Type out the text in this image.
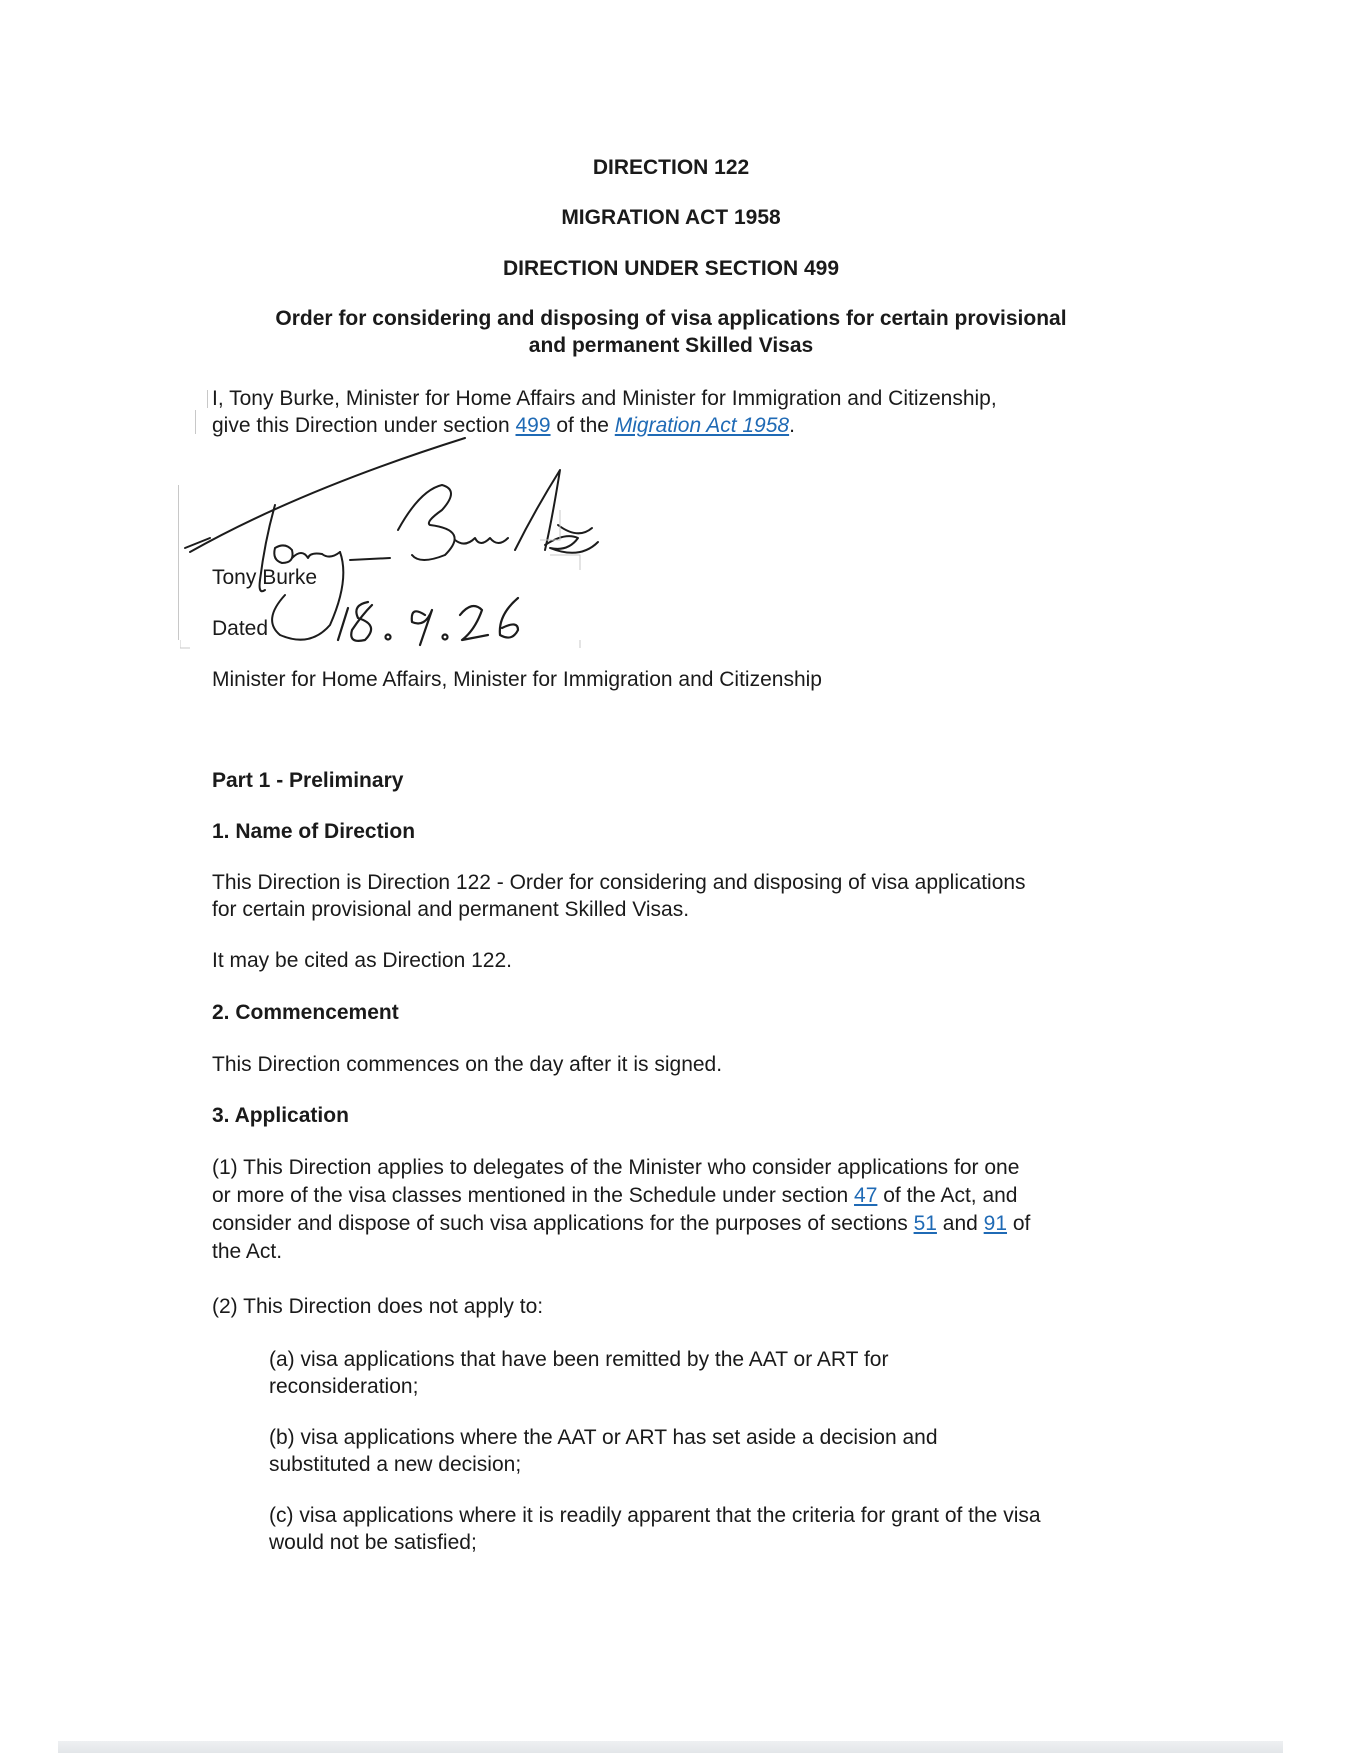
DIRECTION 122

MIGRATION ACT 1958

DIRECTION UNDER SECTION 499

Order for considering and disposing of visa applications for certain provisional

and permanent Skilled Visas

I, Tony Burke, Minister for Home Affairs and Minister for Immigration and Citizenship,

give this Direction under section 499 of the Migration Act 1958.

Tony Burke

Dated

Minister for Home Affairs, Minister for Immigration and Citizenship

Part 1 - Preliminary

1. Name of Direction

This Direction is Direction 122 - Order for considering and disposing of visa applications

for certain provisional and permanent Skilled Visas.

It may be cited as Direction 122.

2. Commencement

This Direction commences on the day after it is signed.

3. Application

(1) This Direction applies to delegates of the Minister who consider applications for one

or more of the visa classes mentioned in the Schedule under section 47 of the Act, and

consider and dispose of such visa applications for the purposes of sections 51 and 91 of

the Act.

(2) This Direction does not apply to:

(a) visa applications that have been remitted by the AAT or ART for

reconsideration;

(b) visa applications where the AAT or ART has set aside a decision and

substituted a new decision;

(c) visa applications where it is readily apparent that the criteria for grant of the visa

would not be satisfied;
